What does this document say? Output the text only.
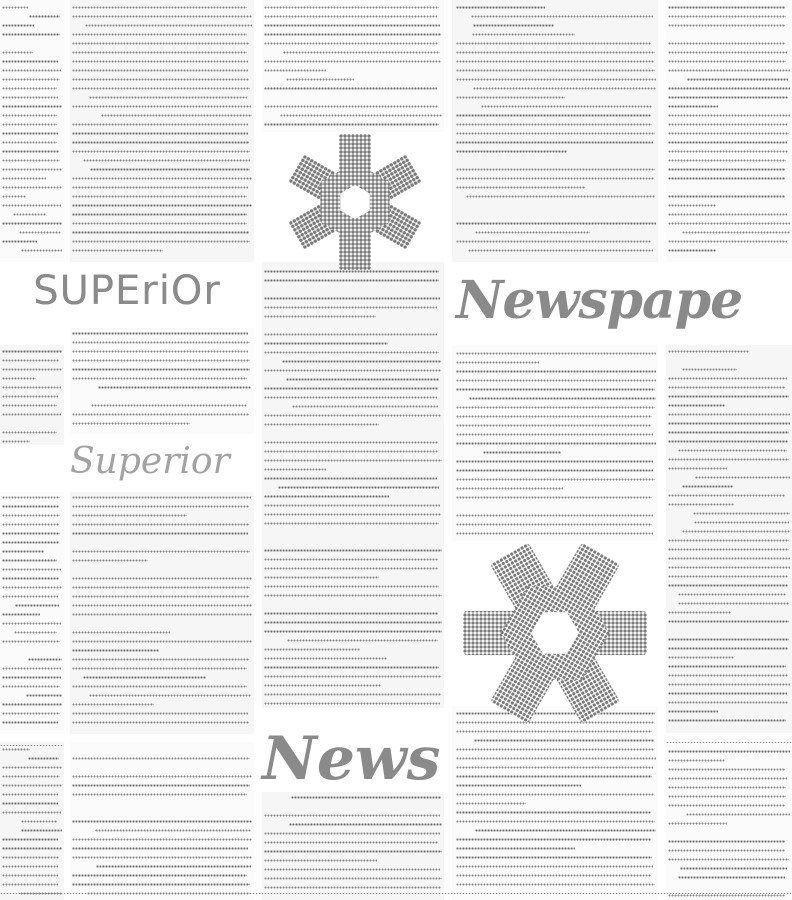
SUPEriOr	Newspape
Superior
News
